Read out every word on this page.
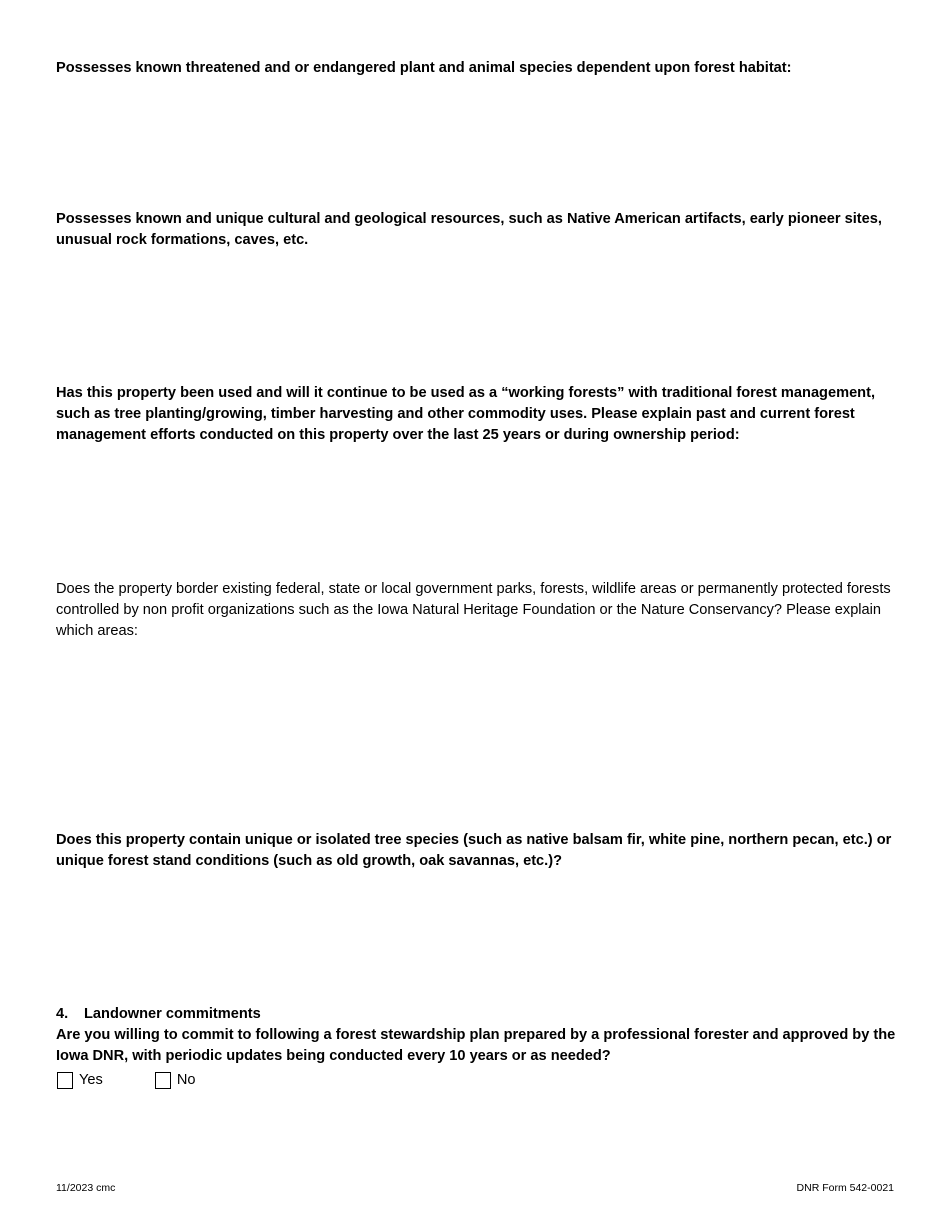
Possesses known threatened and or endangered plant and animal species dependent upon forest habitat:
Possesses known and unique cultural and geological resources, such as Native American artifacts, early pioneer sites, unusual rock formations, caves, etc.
Has this property been used and will it continue to be used as a “working forests” with traditional forest management, such as tree planting/growing, timber harvesting and other commodity uses. Please explain past and current forest management efforts conducted on this property over the last 25 years or during ownership period:
Does the property border existing federal, state or local government parks, forests, wildlife areas or permanently protected forests controlled by non profit organizations such as the Iowa Natural Heritage Foundation or the Nature Conservancy? Please explain which areas:
Does this property contain unique or isolated tree species (such as native balsam fir, white pine, northern pecan, etc.) or unique forest stand conditions (such as old growth, oak savannas, etc.)?
4. Landowner commitments
Are you willing to commit to following a forest stewardship plan prepared by a professional forester and approved by the Iowa DNR, with periodic updates being conducted every 10 years or as needed?
Yes	No
11/2023 cmc	DNR Form 542-0021
